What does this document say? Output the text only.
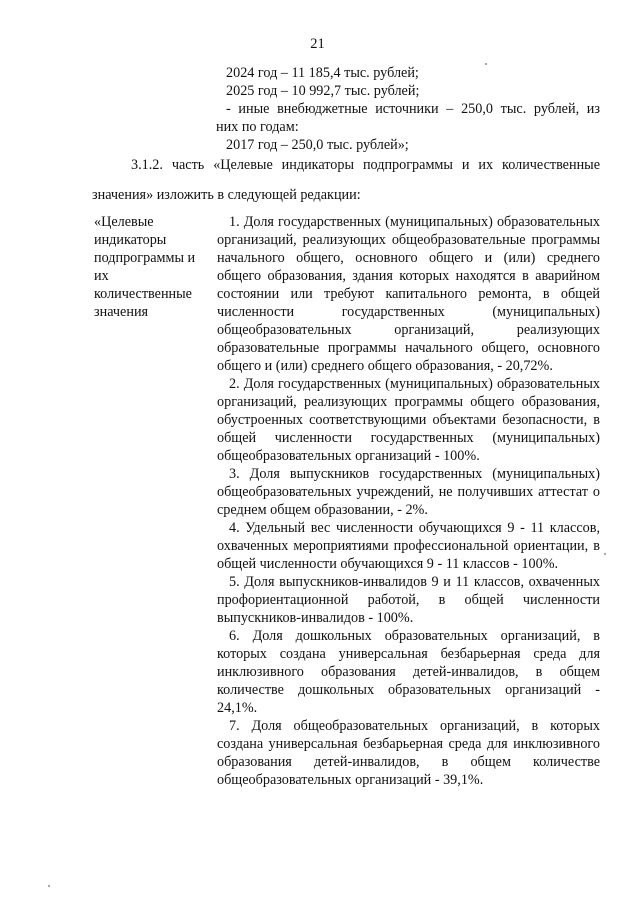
21
2024 год – 11 185,4 тыс. рублей;
2025 год – 10 992,7 тыс. рублей;
- иные внебюджетные источники – 250,0 тыс. рублей, из
них по годам:
2017 год – 250,0 тыс. рублей»;
3.1.2. часть «Целевые индикаторы подпрограммы и их количественные
значения» изложить в следующей редакции:
«Целевые индикаторы подпрограммы и их количественные значения

1. Доля государственных (муниципальных) образовательных организаций, реализующих общеобразовательные программы начального общего, основного общего и (или) среднего общего образования, здания которых находятся в аварийном состоянии или требуют капитального ремонта, в общей численности государственных (муниципальных) общеобразовательных организаций, реализующих образовательные программы начального общего, основного общего и (или) среднего общего образования, - 20,72%.

2. Доля государственных (муниципальных) образовательных организаций, реализующих программы общего образования, обустроенных соответствующими объектами безопасности, в общей численности государственных (муниципальных) общеобразовательных организаций - 100%.

3. Доля выпускников государственных (муниципальных) общеобразовательных учреждений, не получивших аттестат о среднем общем образовании, - 2%.

4. Удельный вес численности обучающихся 9 - 11 классов, охваченных мероприятиями профессиональной ориентации, в общей численности обучающихся 9 - 11 классов - 100%.

5. Доля выпускников-инвалидов 9 и 11 классов, охваченных профориентационной работой, в общей численности выпускников-инвалидов - 100%.

6. Доля дошкольных образовательных организаций, в которых создана универсальная безбарьерная среда для инклюзивного образования детей-инвалидов, в общем количестве дошкольных образовательных организаций - 24,1%.

7. Доля общеобразовательных организаций, в которых создана универсальная безбарьерная среда для инклюзивного образования детей-инвалидов, в общем количестве общеобразовательных организаций - 39,1%.
